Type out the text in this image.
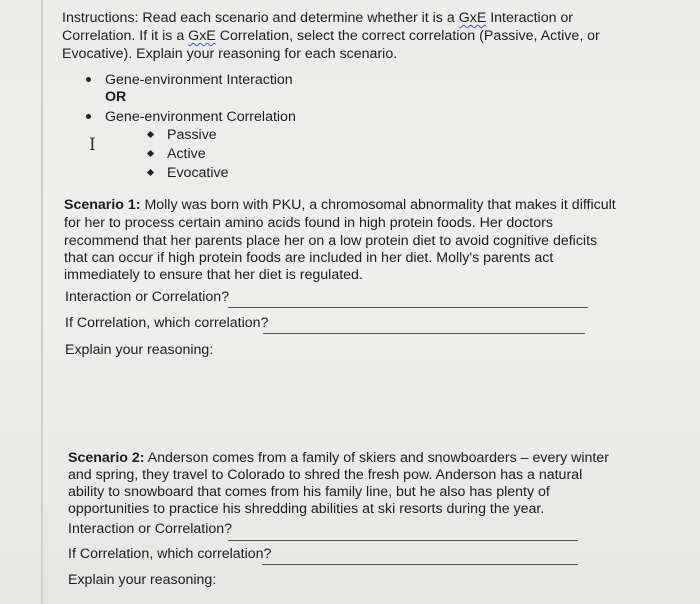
Instructions: Read each scenario and determine whether it is a GxE Interaction or
Correlation. If it is a GxE Correlation, select the correct correlation (Passive, Active, or
Evocative). Explain your reasoning for each scenario.
Gene-environment Interaction
OR
Gene-environment Correlation
I	Passive
Active
Evocative
Scenario 1: Molly was born with PKU, a chromosomal abnormality that makes it difficult
for her to process certain amino acids found in high protein foods. Her doctors
recommend that her parents place her on a low protein diet to avoid cognitive deficits
that can occur if high protein foods are included in her diet. Molly's parents act
immediately to ensure that her diet is regulated.
Interaction or Correlation?
If Correlation, which correlation?
Explain your reasoning:
Scenario 2: Anderson comes from a family of skiers and snowboarders – every winter
and spring, they travel to Colorado to shred the fresh pow. Anderson has a natural
ability to snowboard that comes from his family line, but he also has plenty of
opportunities to practice his shredding abilities at ski resorts during the year.
Interaction or Correlation?
If Correlation, which correlation?
Explain your reasoning:
